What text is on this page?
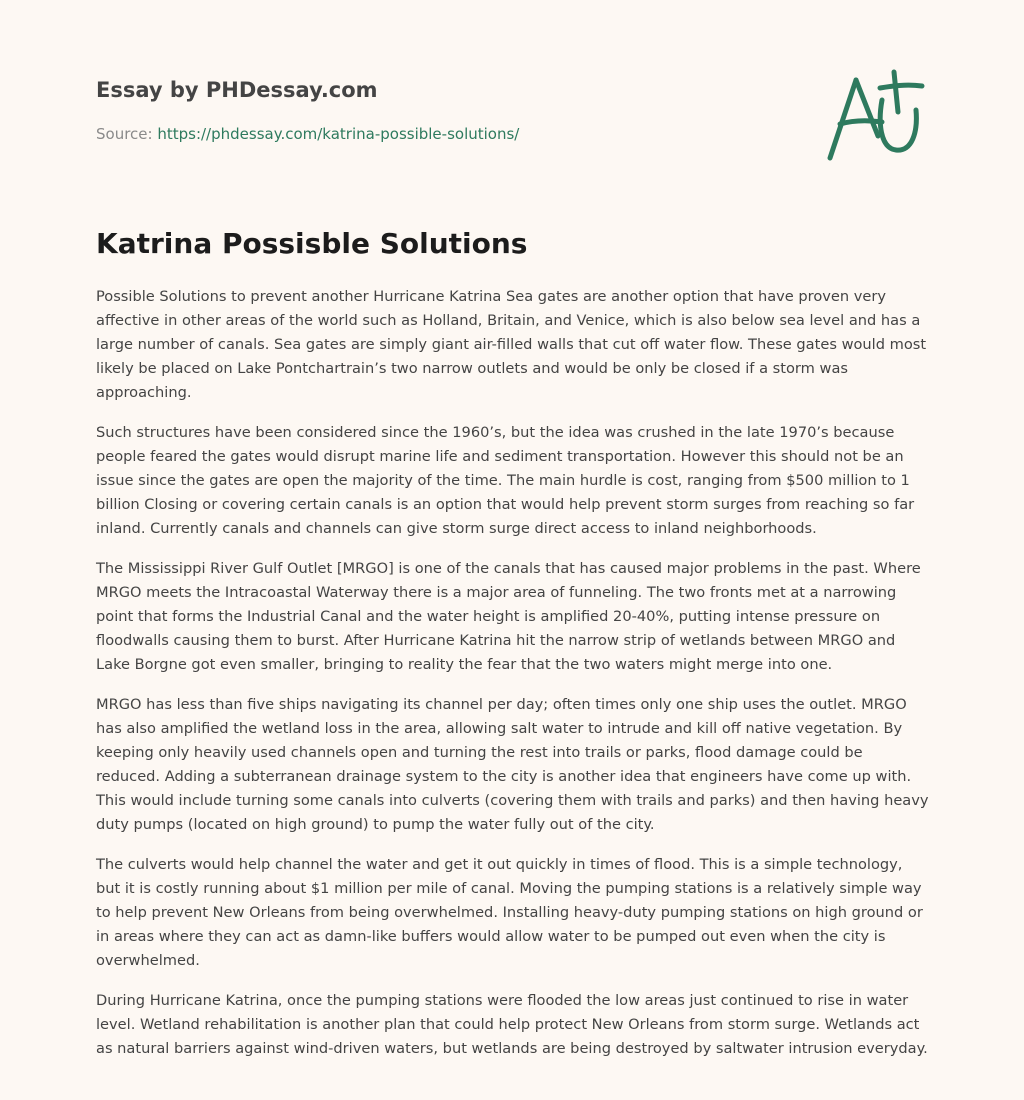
Essay by PHDessay.com
Source: https://phdessay.com/katrina-possible-solutions/
Katrina Possisble Solutions

Possible Solutions to prevent another Hurricane Katrina Sea gates are another option that have proven very affective in other areas of the world such as Holland, Britain, and Venice, which is also below sea level and has a large number of canals. Sea gates are simply giant air-filled walls that cut off water flow. These gates would most likely be placed on Lake Pontchartrain’s two narrow outlets and would be only be closed if a storm was approaching.

Such structures have been considered since the 1960’s, but the idea was crushed in the late 1970’s because people feared the gates would disrupt marine life and sediment transportation. However this should not be an issue since the gates are open the majority of the time. The main hurdle is cost, ranging from $500 million to 1 billion Closing or covering certain canals is an option that would help prevent storm surges from reaching so far inland. Currently canals and channels can give storm surge direct access to inland neighborhoods.

The Mississippi River Gulf Outlet [MRGO] is one of the canals that has caused major problems in the past. Where MRGO meets the Intracoastal Waterway there is a major area of funneling. The two fronts met at a narrowing point that forms the Industrial Canal and the water height is amplified 20-40%, putting intense pressure on floodwalls causing them to burst. After Hurricane Katrina hit the narrow strip of wetlands between MRGO and Lake Borgne got even smaller, bringing to reality the fear that the two waters might merge into one.

MRGO has less than five ships navigating its channel per day; often times only one ship uses the outlet. MRGO has also amplified the wetland loss in the area, allowing salt water to intrude and kill off native vegetation. By keeping only heavily used channels open and turning the rest into trails or parks, flood damage could be reduced. Adding a subterranean drainage system to the city is another idea that engineers have come up with. This would include turning some canals into culverts (covering them with trails and parks) and then having heavy duty pumps (located on high ground) to pump the water fully out of the city.

The culverts would help channel the water and get it out quickly in times of flood. This is a simple technology, but it is costly running about $1 million per mile of canal. Moving the pumping stations is a relatively simple way to help prevent New Orleans from being overwhelmed. Installing heavy-duty pumping stations on high ground or in areas where they can act as damn-like buffers would allow water to be pumped out even when the city is overwhelmed.

During Hurricane Katrina, once the pumping stations were flooded the low areas just continued to rise in water level. Wetland rehabilitation is another plan that could help protect New Orleans from storm surge. Wetlands act as natural barriers against wind-driven waters, but wetlands are being destroyed by saltwater intrusion everyday.
